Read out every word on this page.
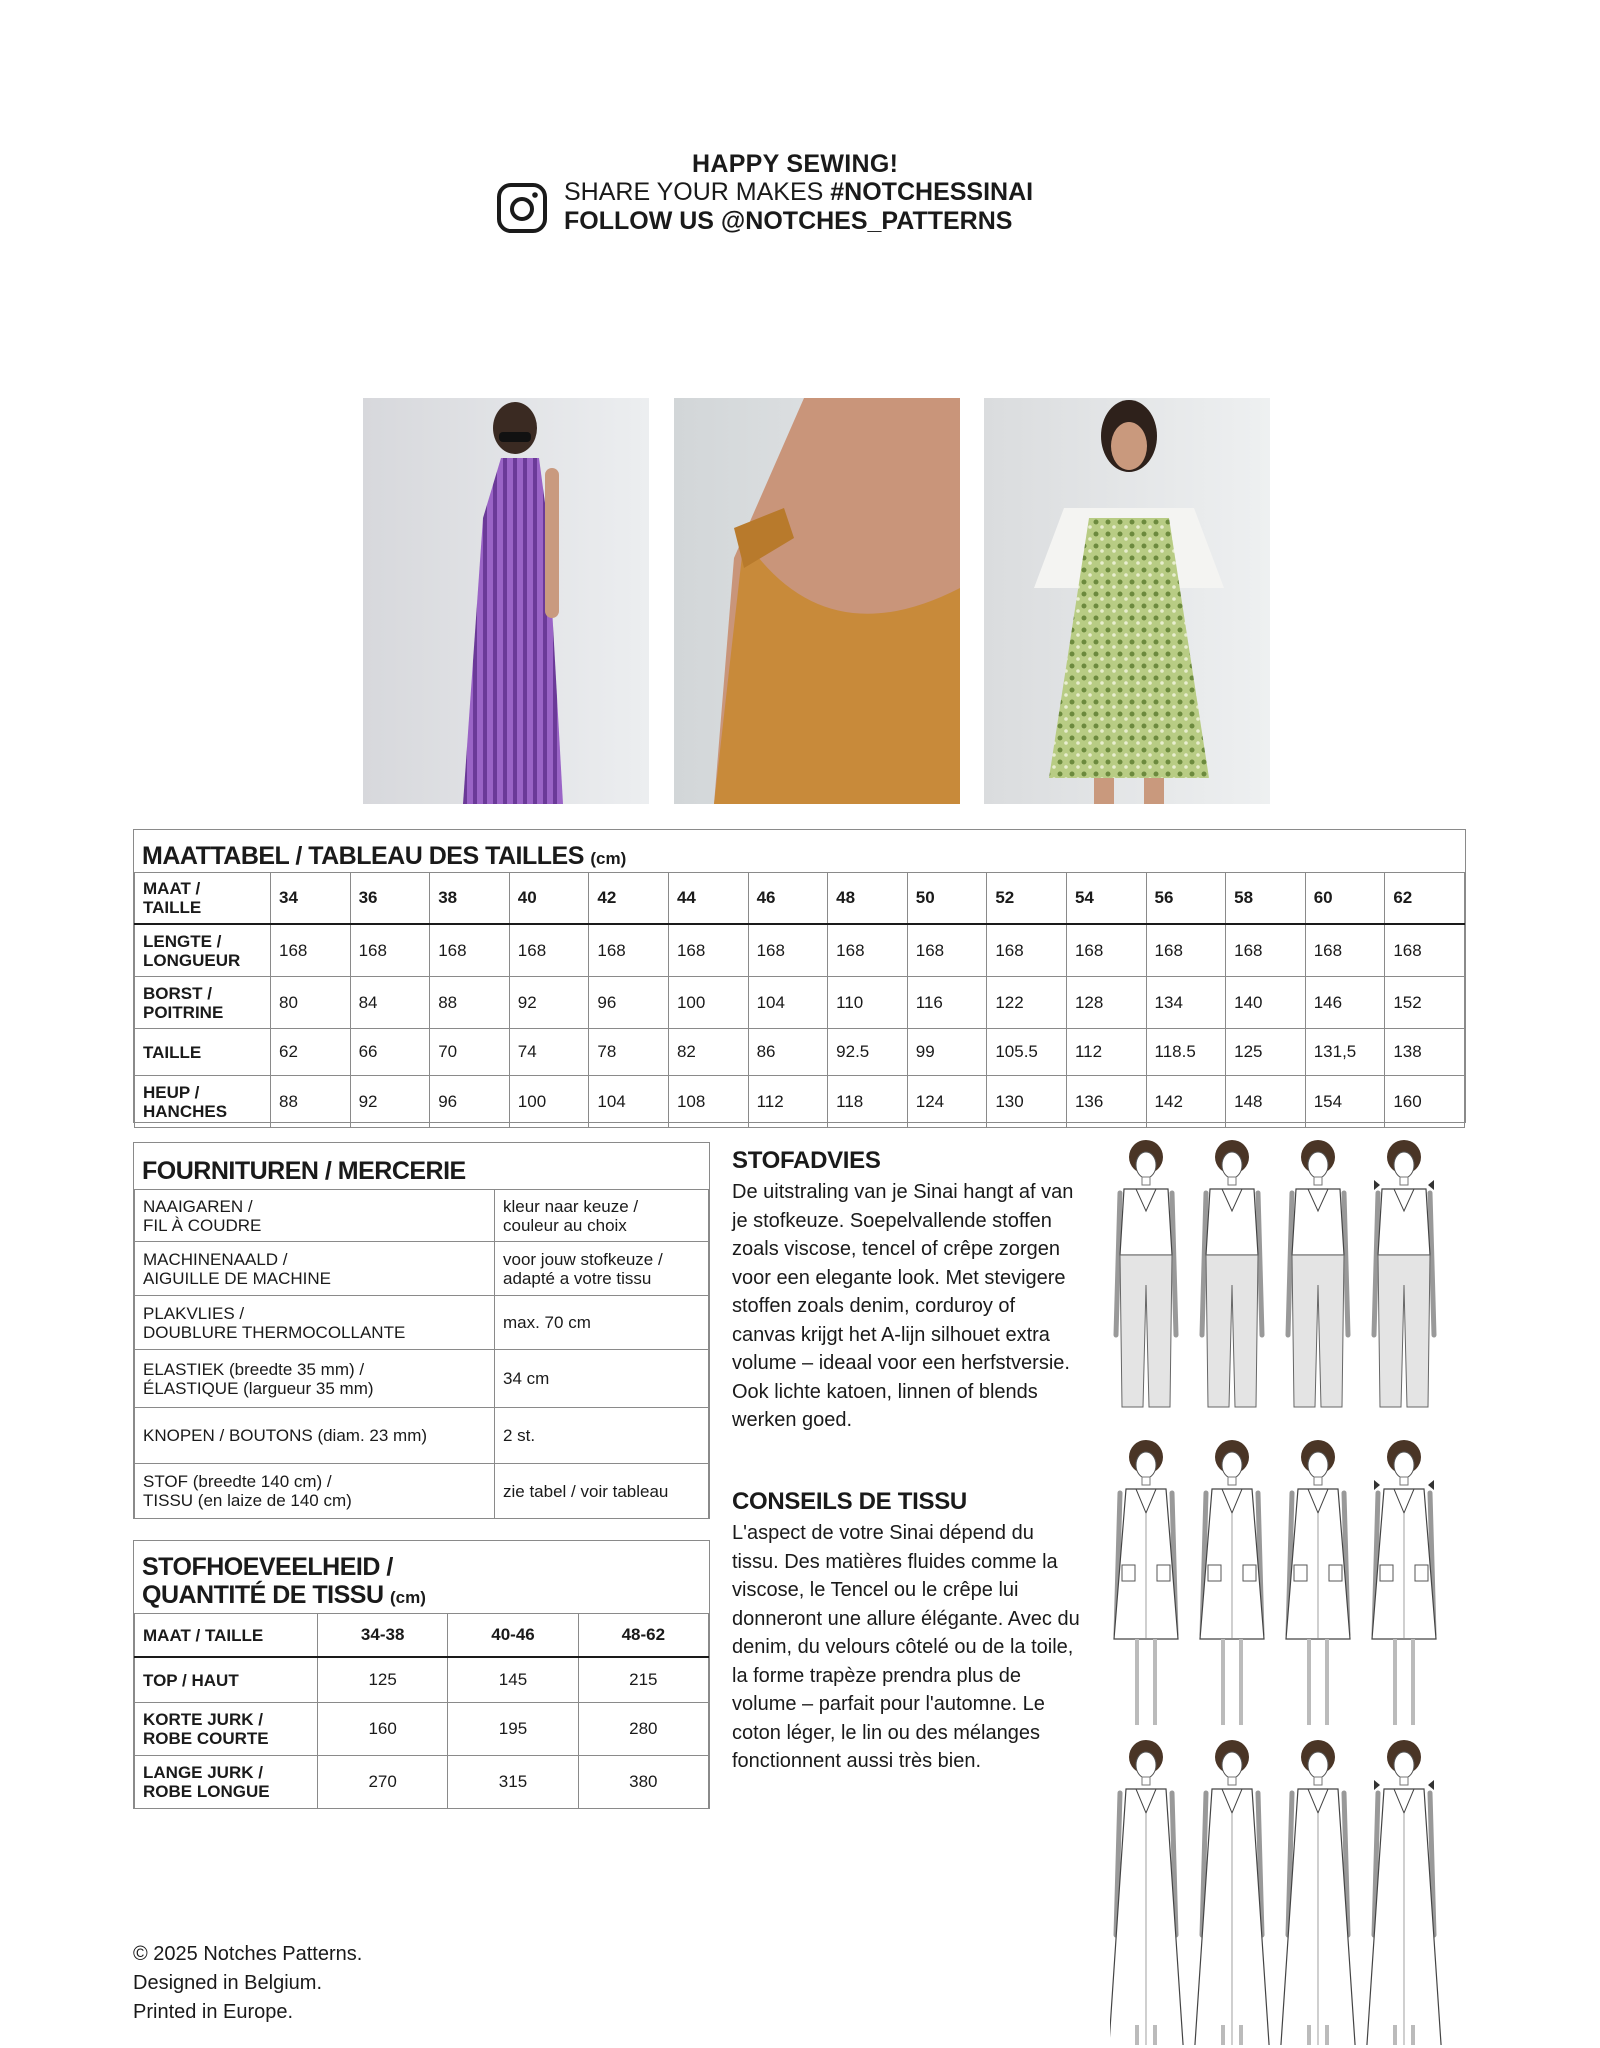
HAPPY SEWING!
SHARE YOUR MAKES #NOTCHESSINAI
FOLLOW US @NOTCHES_PATTERNS
MAATTABEL / TABLEAU DES TAILLES (cm)
MAAT /
TAILLE	34	36	38	40	42	44	46	48	50	52	54	56	58	60	62
LENGTE /
LONGUEUR	168	168	168	168	168	168	168	168	168	168	168	168	168	168	168
BORST /
POITRINE	80	84	88	92	96	100	104	110	116	122	128	134	140	146	152
TAILLE	62	66	70	74	78	82	86	92.5	99	105.5	112	118.5	125	131,5	138
HEUP /
HANCHES	88	92	96	100	104	108	112	118	124	130	136	142	148	154	160
FOURNITUREN / MERCERIE
NAAIGAREN /
FIL À COUDRE	kleur naar keuze /
couleur au choix
MACHINENAALD /
AIGUILLE DE MACHINE	voor jouw stofkeuze /
adapté a votre tissu
PLAKVLIES /
DOUBLURE THERMOCOLLANTE	max. 70 cm
ELASTIEK (breedte 35 mm) /
ÉLASTIQUE (largueur 35 mm)	34 cm
KNOPEN / BOUTONS (diam. 23 mm)	2 st.
STOF (breedte 140 cm) /
TISSU (en laize de 140 cm)	zie tabel / voir tableau
STOFHOEVEELHEID /
QUANTITÉ DE TISSU (cm)
MAAT / TAILLE	34-38	40-46	48-62
TOP / HAUT	125	145	215
KORTE JURK /
ROBE COURTE	160	195	280
LANGE JURK /
ROBE LONGUE	270	315	380
STOFADVIES

De uitstraling van je Sinai hangt af van je stofkeuze. Soepelvallende stoffen zoals viscose, tencel of crêpe zorgen voor een elegante look. Met stevigere stoffen zoals denim, corduroy of canvas krijgt het A-lijn silhouet extra volume – ideaal voor een herfstversie. Ook lichte katoen, linnen of blends werken goed.

CONSEILS DE TISSU

L'aspect de votre Sinai dépend du tissu. Des matières fluides comme la viscose, le Tencel ou le crêpe lui donneront une allure élégante. Avec du denim, du velours côtelé ou de la toile, la forme trapèze prendra plus de volume – parfait pour l'automne. Le coton léger, le lin ou des mélanges fonctionnent aussi très bien.

© 2025 Notches Patterns.
Designed in Belgium.
Printed in Europe.
